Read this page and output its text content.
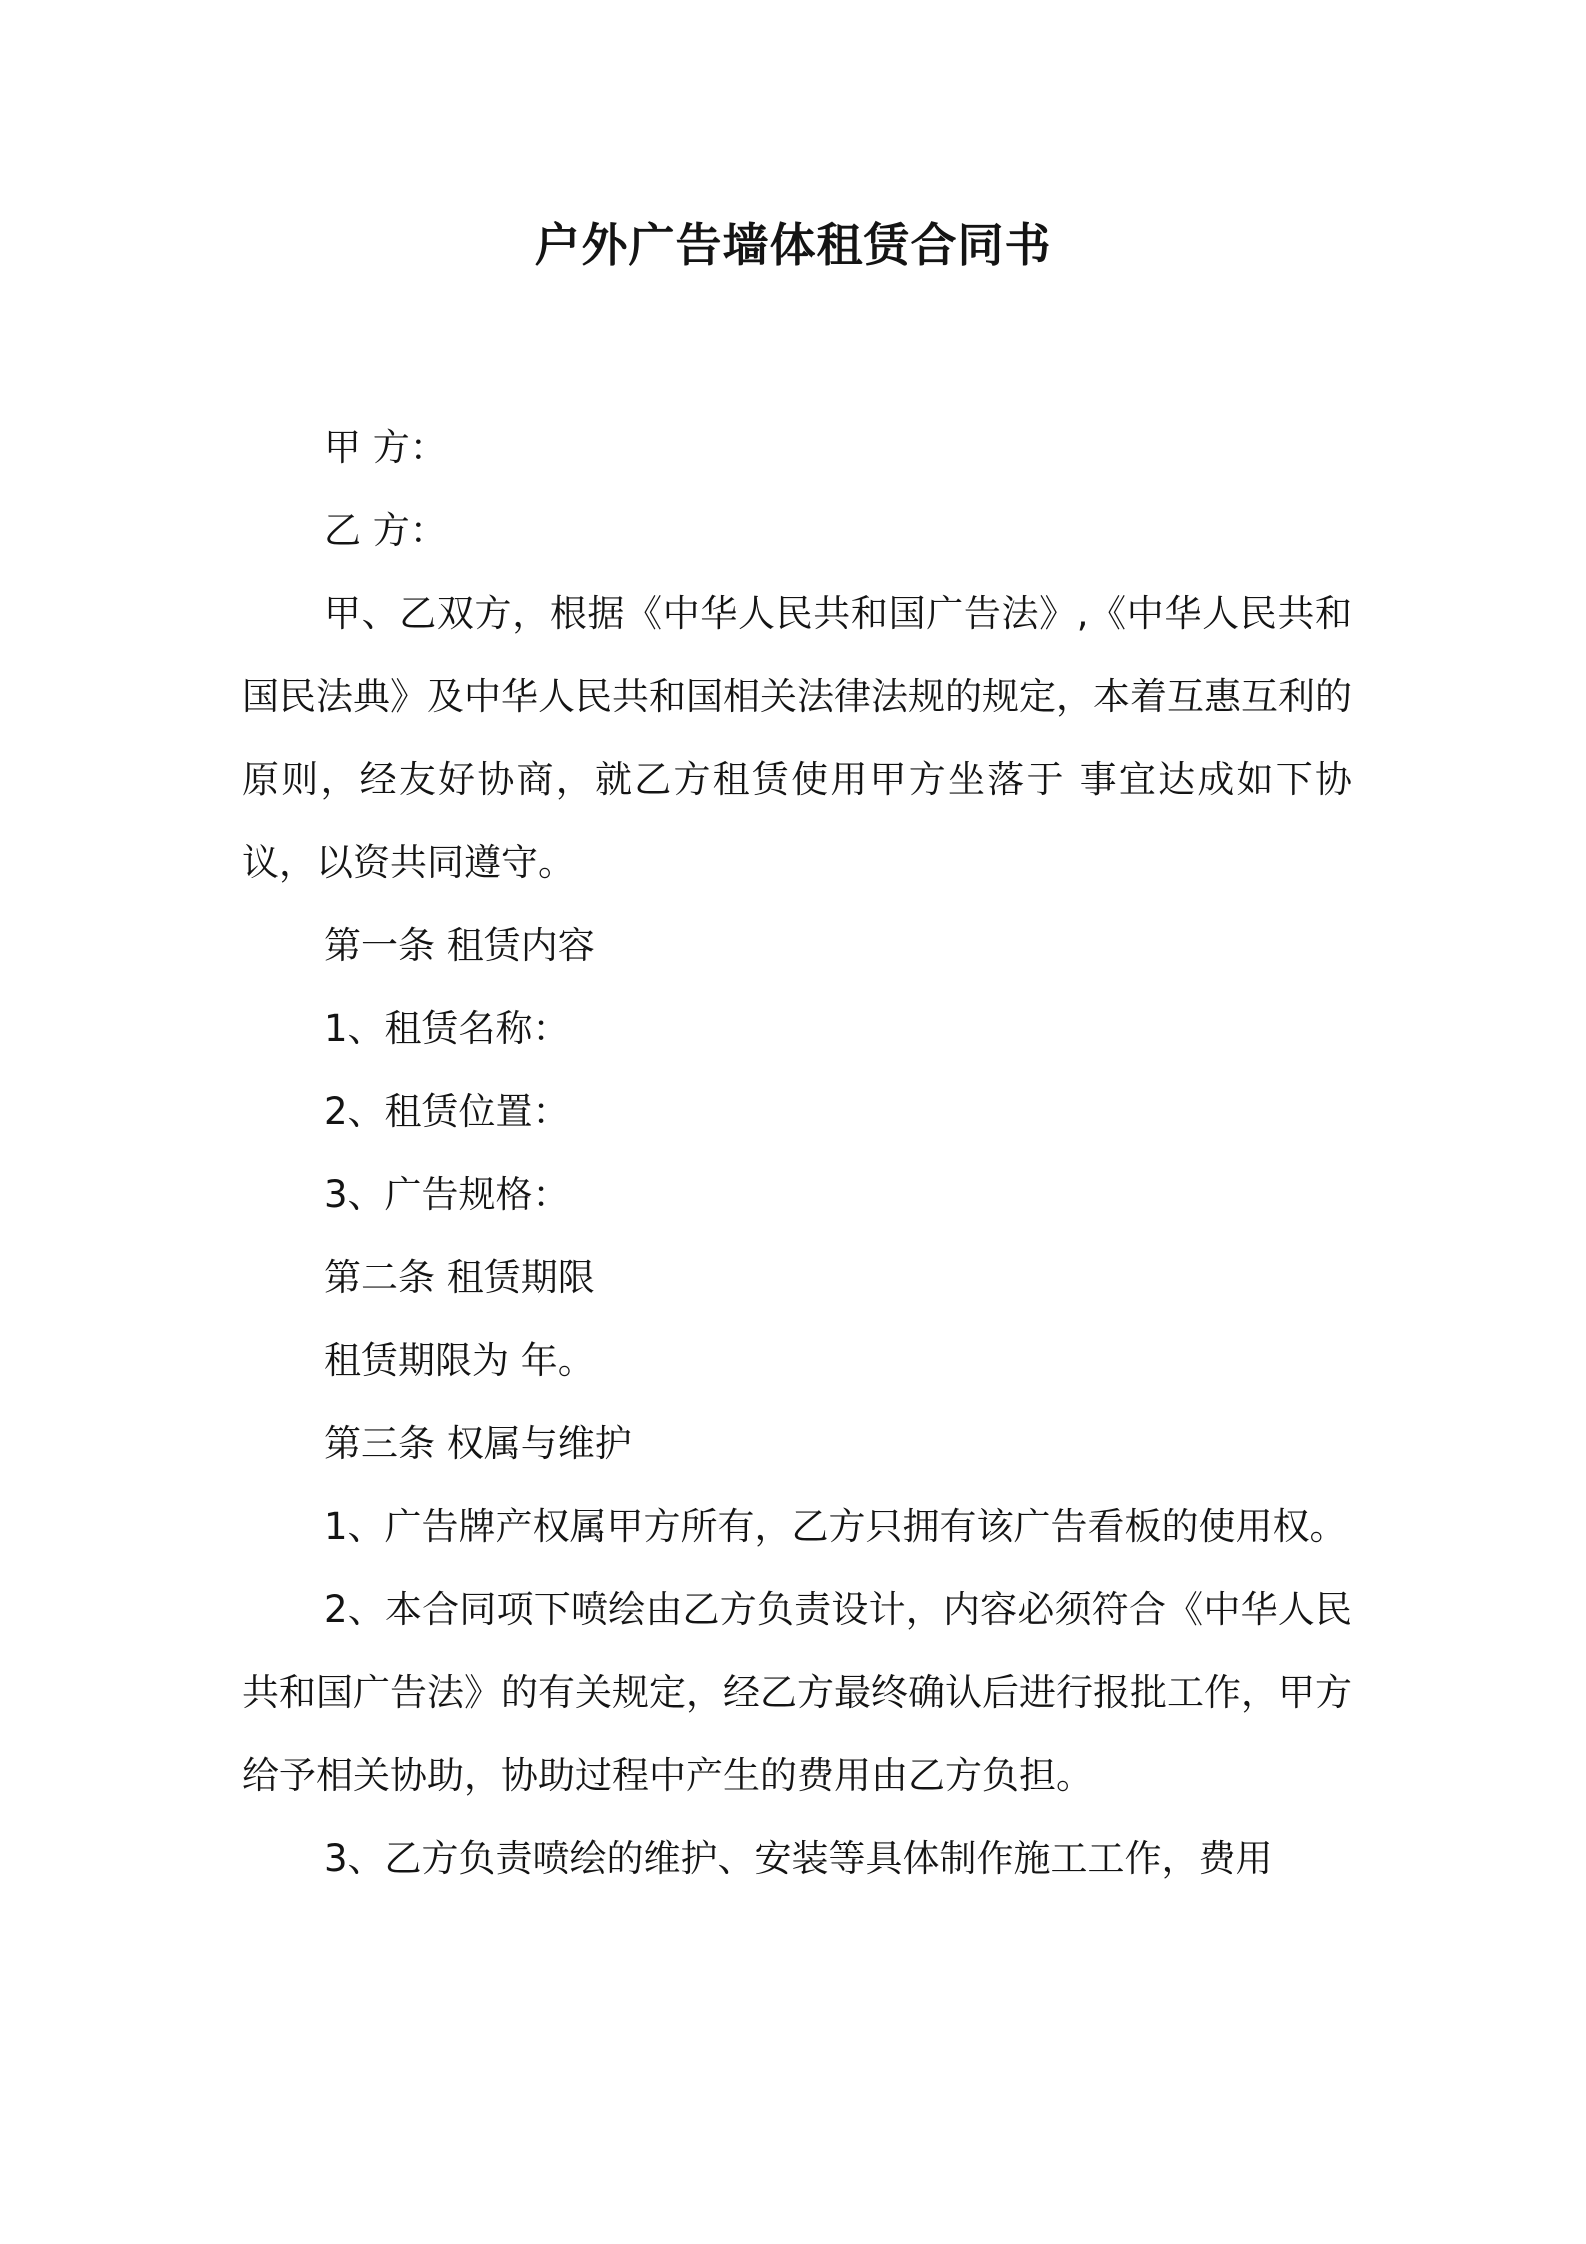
户外广告墙体租赁合同书

甲 方：

乙 方：

甲、乙双方，根据《中华人民共和国广告法》,《中华人民共和国民法典》及中华人民共和国相关法律法规的规定，本着互惠互利的原则，经友好协商，就乙方租赁使用甲方坐落于 事宜达成如下协议，以资共同遵守。

第一条 租赁内容

1、租赁名称：

2、租赁位置：

3、广告规格：

第二条 租赁期限

租赁期限为 年。

第三条 权属与维护

1、广告牌产权属甲方所有，乙方只拥有该广告看板的使用权。

2、本合同项下喷绘由乙方负责设计，内容必须符合《中华人民共和国广告法》的有关规定，经乙方最终确认后进行报批工作，甲方给予相关协助，协助过程中产生的费用由乙方负担。

3、乙方负责喷绘的维护、安装等具体制作施工工作，费用
